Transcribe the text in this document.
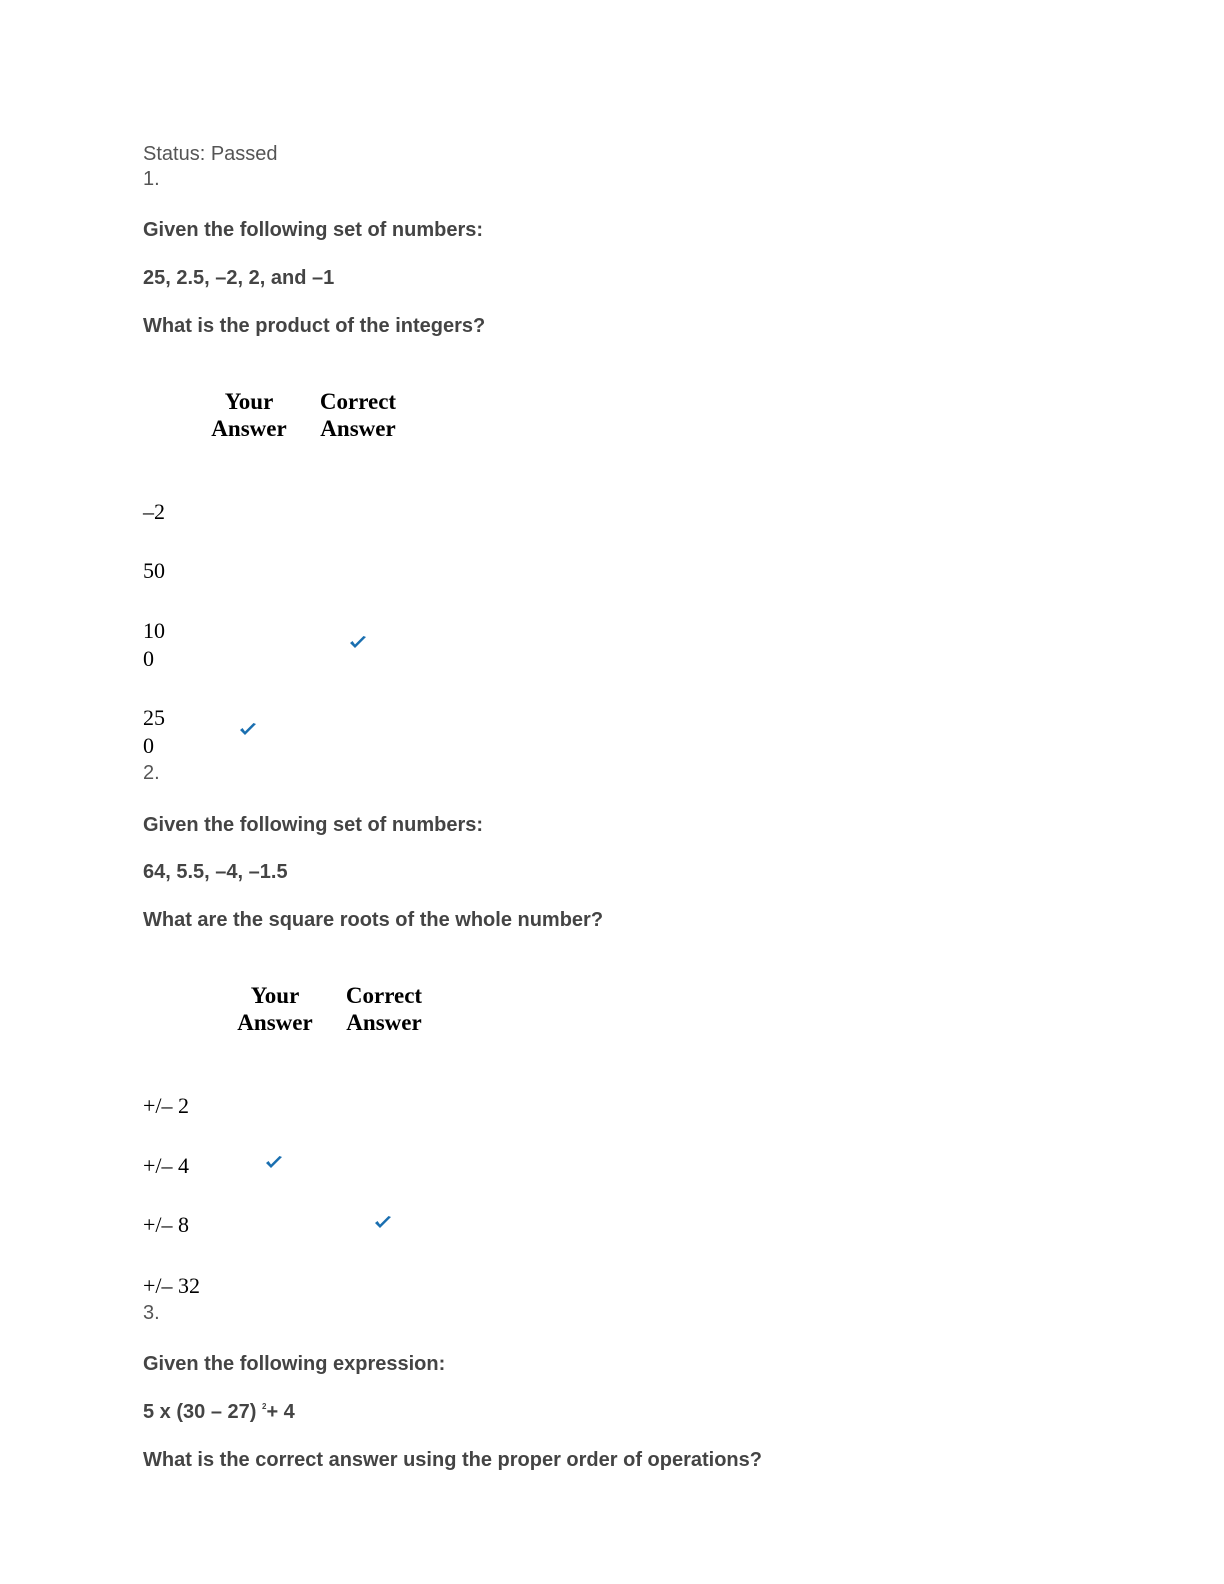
Status: Passed
1.
Given the following set of numbers:
25, 2.5, –2, 2, and –1
What is the product of the integers?
Your
Answer
Correct
Answer
–2
50
10
0
25
0
2.
Given the following set of numbers:
64, 5.5, –4, –1.5
What are the square roots of the whole number?
Your
Answer
Correct
Answer
+/– 2
+/– 4
+/– 8
+/– 32
3.
Given the following expression:
5 x (30 – 27) $^2$+ 4
What is the correct answer using the proper order of operations?
